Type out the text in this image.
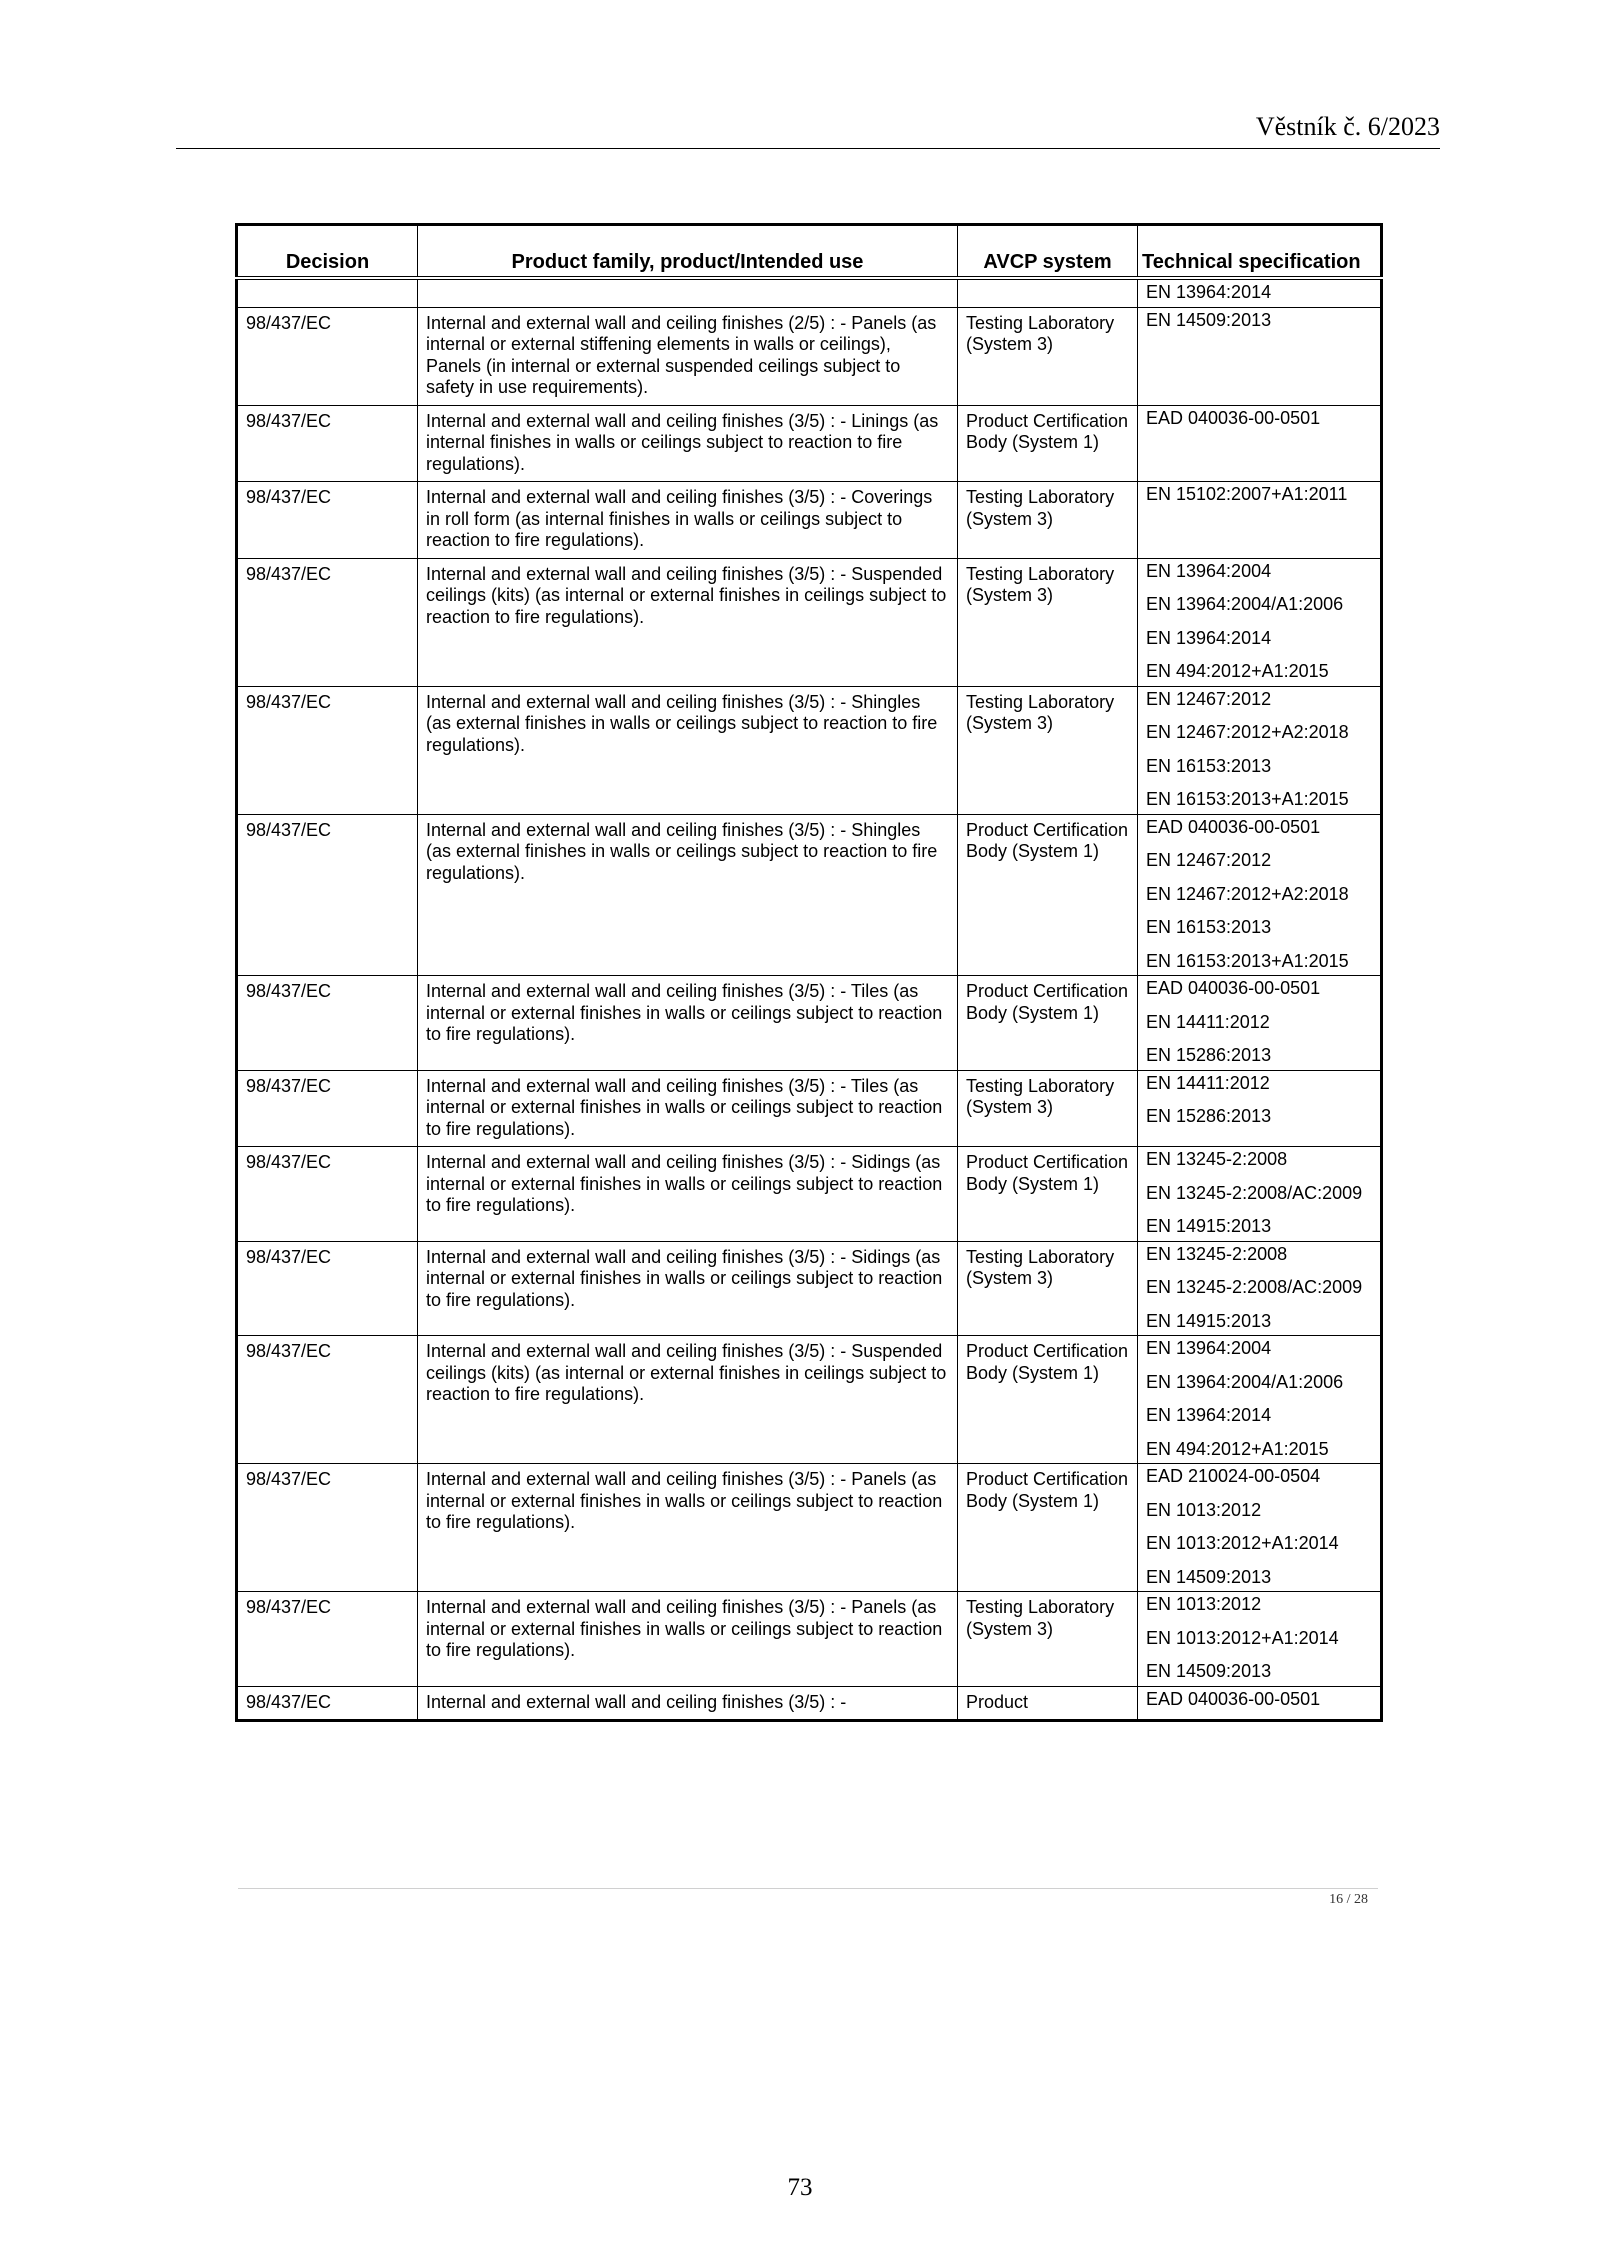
Věstník č. 6/2023
Decision	Product family, product/Intended use	AVCP system	Technical specification

			EN 13964:2014

98/437/EC	Internal and external wall and ceiling finishes (2/5) : - Panels (as internal or external stiffening elements in walls or ceilings), Panels (in internal or external suspended ceilings subject to safety in use requirements).	Testing Laboratory (System 3)	EN 14509:2013

98/437/EC	Internal and external wall and ceiling finishes (3/5) : - Linings (as internal finishes in walls or ceilings subject to reaction to fire regulations).	Product Certification Body (System 1)	EAD 040036-00-0501

98/437/EC	Internal and external wall and ceiling finishes (3/5) : - Coverings in roll form (as internal finishes in walls or ceilings subject to reaction to fire regulations).	Testing Laboratory (System 3)	EN 15102:2007+A1:2011

98/437/EC	Internal and external wall and ceiling finishes (3/5) : - Suspended ceilings (kits) (as internal or external finishes in ceilings subject to reaction to fire regulations).	Testing Laboratory (System 3)	EN 13964:2004
EN 13964:2004/A1:2006
EN 13964:2014
EN 494:2012+A1:2015

98/437/EC	Internal and external wall and ceiling finishes (3/5) : - Shingles (as external finishes in walls or ceilings subject to reaction to fire regulations).	Testing Laboratory (System 3)	EN 12467:2012
EN 12467:2012+A2:2018
EN 16153:2013
EN 16153:2013+A1:2015

98/437/EC	Internal and external wall and ceiling finishes (3/5) : - Shingles (as external finishes in walls or ceilings subject to reaction to fire regulations).	Product Certification Body (System 1)	EAD 040036-00-0501
EN 12467:2012
EN 12467:2012+A2:2018
EN 16153:2013
EN 16153:2013+A1:2015

98/437/EC	Internal and external wall and ceiling finishes (3/5) : - Tiles (as internal or external finishes in walls or ceilings subject to reaction to fire regulations).	Product Certification Body (System 1)	EAD 040036-00-0501
EN 14411:2012
EN 15286:2013

98/437/EC	Internal and external wall and ceiling finishes (3/5) : - Tiles (as internal or external finishes in walls or ceilings subject to reaction to fire regulations).	Testing Laboratory (System 3)	EN 14411:2012
EN 15286:2013

98/437/EC	Internal and external wall and ceiling finishes (3/5) : - Sidings (as internal or external finishes in walls or ceilings subject to reaction to fire regulations).	Product Certification Body (System 1)	EN 13245-2:2008
EN 13245-2:2008/AC:2009
EN 14915:2013

98/437/EC	Internal and external wall and ceiling finishes (3/5) : - Sidings (as internal or external finishes in walls or ceilings subject to reaction to fire regulations).	Testing Laboratory (System 3)	EN 13245-2:2008
EN 13245-2:2008/AC:2009
EN 14915:2013

98/437/EC	Internal and external wall and ceiling finishes (3/5) : - Suspended ceilings (kits) (as internal or external finishes in ceilings subject to reaction to fire regulations).	Product Certification Body (System 1)	EN 13964:2004
EN 13964:2004/A1:2006
EN 13964:2014
EN 494:2012+A1:2015

98/437/EC	Internal and external wall and ceiling finishes (3/5) : - Panels (as internal or external finishes in walls or ceilings subject to reaction to fire regulations).	Product Certification Body (System 1)	EAD 210024-00-0504
EN 1013:2012
EN 1013:2012+A1:2014
EN 14509:2013

98/437/EC	Internal and external wall and ceiling finishes (3/5) : - Panels (as internal or external finishes in walls or ceilings subject to reaction to fire regulations).	Testing Laboratory (System 3)	EN 1013:2012
EN 1013:2012+A1:2014
EN 14509:2013

98/437/EC	Internal and external wall and ceiling finishes (3/5) : -	Product	EAD 040036-00-0501
16 / 28
73
